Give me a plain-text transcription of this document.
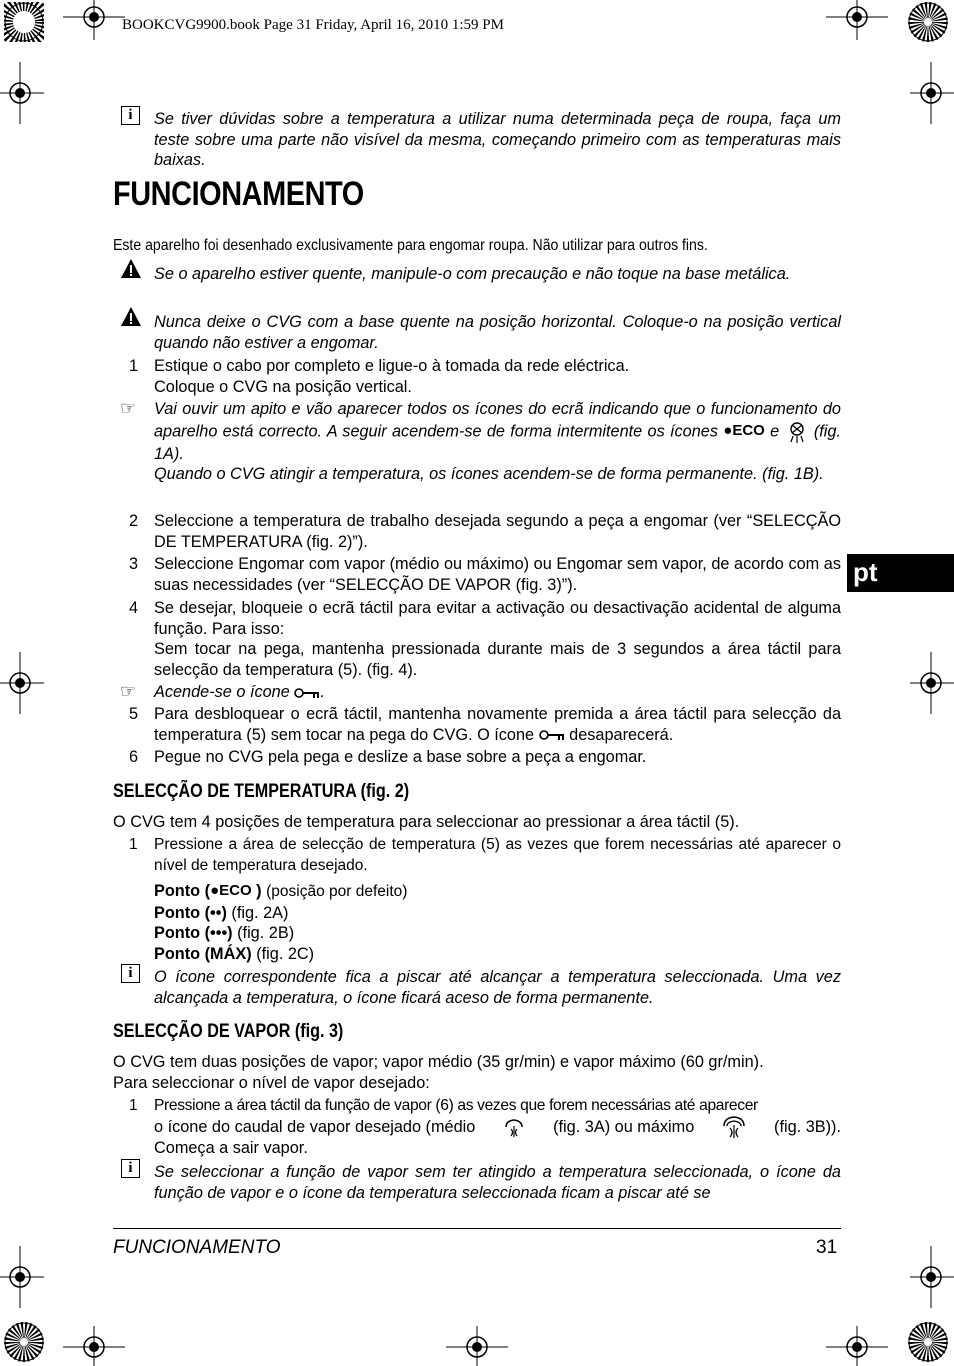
BOOKCVG9900.book Page 31 Friday, April 16, 2010 1:59 PM
i	Se tiver dúvidas sobre a temperatura a utilizar numa determinada peça de roupa, faça um teste sobre uma parte não visível da mesma, começando primeiro com as temperaturas mais baixas.
FUNCIONAMENTO
Este aparelho foi desenhado exclusivamente para engomar roupa. Não utilizar para outros fins.
Se o aparelho estiver quente, manipule-o com precaução e não toque na base metálica.
Nunca deixe o CVG com a base quente na posição horizontal. Coloque-o na posição vertical quando não estiver a engomar.
1 Estique o cabo por completo e ligue-o à tomada da rede eléctrica.
Coloque o CVG na posição vertical.
☞ Vai ouvir um apito e vão aparecer todos os ícones do ecrã indicando que o funcionamento do aparelho está correcto. A seguir acendem-se de forma intermitente os ícones ●ECO e (fig. 1A).
Quando o CVG atingir a temperatura, os ícones acendem-se de forma permanente. (fig. 1B).
2 Seleccione a temperatura de trabalho desejada segundo a peça a engomar (ver “SELECÇÃO DE TEMPERATURA (fig. 2)”).
3 Seleccione Engomar com vapor (médio ou máximo) ou Engomar sem vapor, de acordo com as suas necessidades (ver “SELECÇÃO DE VAPOR (fig. 3)”).
4 Se desejar, bloqueie o ecrã táctil para evitar a activação ou desactivação acidental de alguma função. Para isso:
Sem tocar na pega, mantenha pressionada durante mais de 3 segundos a área táctil para selecção da temperatura (5). (fig. 4).
☞ Acende-se o ícone .
5 Para desbloquear o ecrã táctil, mantenha novamente premida a área táctil para selecção da temperatura (5) sem tocar na pega do CVG. O ícone desaparecerá.
6 Pegue no CVG pela pega e deslize a base sobre a peça a engomar.
SELECÇÃO DE TEMPERATURA (fig. 2)
O CVG tem 4 posições de temperatura para seleccionar ao pressionar a área táctil (5).
1 Pressione a área de selecção de temperatura (5) as vezes que forem necessárias até aparecer o nível de temperatura desejado.
Ponto (●ECO ) (posição por defeito)
Ponto (••) (fig. 2A)
Ponto (•••) (fig. 2B)
Ponto (MÁX) (fig. 2C)
i	O ícone correspondente fica a piscar até alcançar a temperatura seleccionada. Uma vez alcançada a temperatura, o ícone ficará aceso de forma permanente.
SELECÇÃO DE VAPOR (fig. 3)
O CVG tem duas posições de vapor; vapor médio (35 gr/min) e vapor máximo (60 gr/min).
Para seleccionar o nível de vapor desejado:
1 Pressione a área táctil da função de vapor (6) as vezes que forem necessárias até aparecer
o ícone do caudal de vapor desejado (médio	(fig. 3A) ou máximo	(fig. 3B)).
Começa a sair vapor.
i	Se seleccionar a função de vapor sem ter atingido a temperatura seleccionada, o ícone da função de vapor e o ícone da temperatura seleccionada ficam a piscar até se
pt
FUNCIONAMENTO	31
